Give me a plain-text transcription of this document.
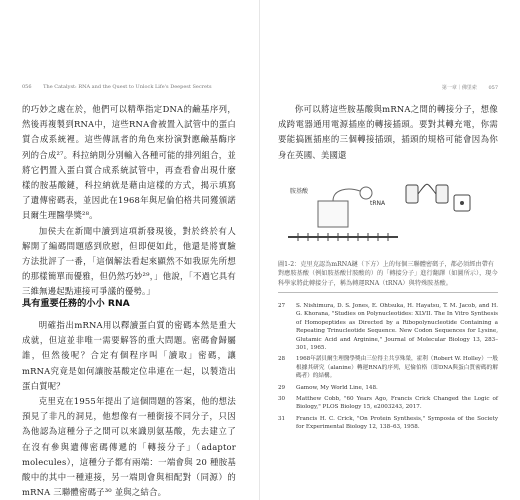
056 The Catalyst: RNA and the Quest to Unlock Life's Deepest Secrets

的巧妙之處在於，他們可以精準指定DNA的鹼基序列，然後再複製到RNA中，這些RNA會被置入試管中的蛋白質合成系統裡。這些傳訊者的角色來扮演對應鹼基酶序列的合成²⁷。科拉納則分別輸入各種可能的排列組合，並將它們置入蛋白質合成系統試管中，再查看會出現什麼樣的胺基酸鏈，科拉納就是藉由這樣的方式，揭示填寫了遺傳密碼表，並因此在1968年與尼倫伯格共同獲頒諾貝爾生理醫學獎²⁸。

加侯夫在新聞中讀到這項新發現後，對於終於有人解開了編碼問題感到欣慰，但即便如此，他還是將實驗方法批評了一番，「這個解法看起來顯然不如我原先所想的那樣簡單而優雅，但仍然巧妙²⁹，」他說，「不過它具有三維無邊起點連接可爭議的優勢。」

具有重要任務的小小 RNA

明確指出mRNA用以釋讀蛋白質的密碼本然是重大成就，但這並非唯一需要解答的重大問題。密碼會歸屬誰，但然後呢？合定有個程序叫「讀取」密碼，讓mRNA究竟是如何讓胺基酸定位串連在一起，以製造出蛋白質呢？

克里克在1955年提出了這個問題的答案，他的想法預見了非凡的洞見，他想像有一種銜接不同分子，只因為他認為這種分子之間可以來識別氨基酸，先去建立了在沒有參與遺傳密碼傳遞的「轉接分子」（adaptor molecules），這種分子都有兩端：一端會與 20 種胺基酸中的其中一種連接，另一端則會與相配對（同源）的 mRNA 三聯體密碼子³⁰ 並與之結合。

第一章｜佛里索 057

你可以將這些胺基酸與mRNA之間的轉接分子，想像成跨電器通用電源插座的轉接插頭。要對其轉充電，你需要能搞匯插座的三個轉接插頭，插頭的規格可能會因為你身在英國、美國還

胺基酸
tRNA
圖1-2：克里克認為mRNA鏈（下方）上的每個三聯體密碼子，都必須經由帶有對應胺基酸（例如胺基酸甘胺酸的）的「轉接分子」進行翻譯（如圖所示），現今科學家將此轉接分子，稱為轉運RNA（tRNA）與特殊胺基酸。
27	S. Nishimura, D. S. Jones, E. Ohtsuka, H. Hayatsu, T. M. Jacob, and H. G. Khorana, "Studies on Polynucleotides: XLVII. The In Vitro Synthesis of Homopeptides as Directed by a Ribopolynucleotide Containing a Repeating Trinucleotide Sequence. New Codon Sequences for Lysine, Glutamic Acid and Arginine," Journal of Molecular Biology 13, 283–301, 1965.
28	1968年諾貝爾生理醫學獎由三位得主共享殊榮，霍利（Robert W. Holley）一般根據其研究（alanine）轉運RNA的序列，尼倫伯格（即DNA與蛋白質密碼的解碼者）的結構。
29	Gamow, My World Line, 148.
30	Matthew Cobb, "60 Years Ago, Francis Crick Changed the Logic of Biology," PLOS Biology 15, e2003243, 2017.
31	Francis H. C. Crick, "On Protein Synthesis," Symposia of the Society for Experimental Biology 12, 138–63, 1958.
